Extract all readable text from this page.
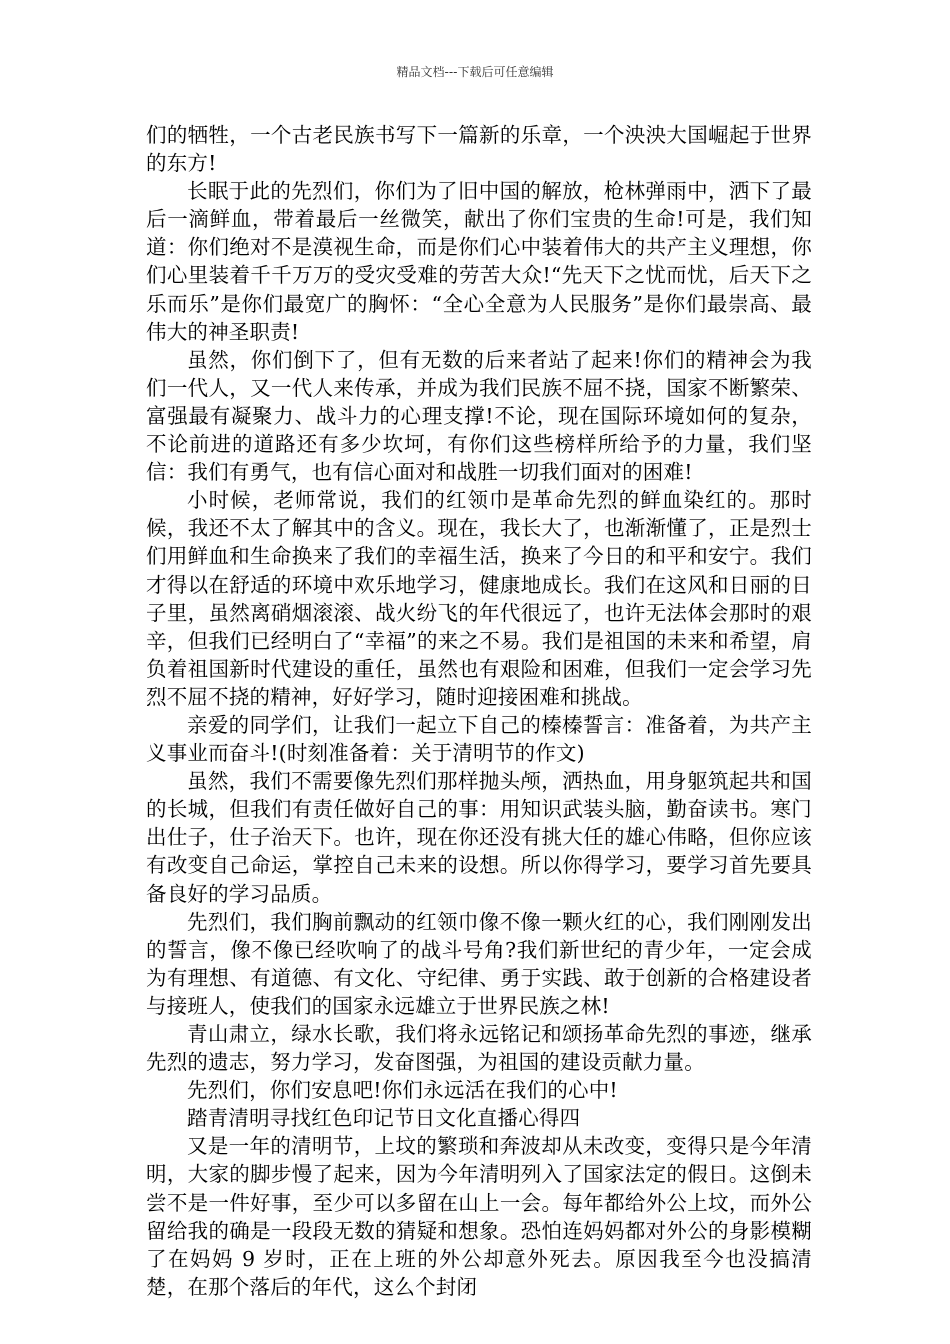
精品文档---下载后可任意编辑

们的牺牲，一个古老民族书写下一篇新的乐章，一个泱泱大国崛起于世界的东方!

长眠于此的先烈们，你们为了旧中国的解放，枪林弹雨中，洒下了最后一滴鲜血，带着最后一丝微笑，献出了你们宝贵的生命!可是，我们知道：你们绝对不是漠视生命，而是你们心中装着伟大的共产主义理想，你们心里装着千千万万的受灾受难的劳苦大众!“先天下之忧而忧，后天下之乐而乐”是你们最宽广的胸怀：“全心全意为人民服务”是你们最崇高、最伟大的神圣职责!

虽然，你们倒下了，但有无数的后来者站了起来!你们的精神会为我们一代人，又一代人来传承，并成为我们民族不屈不挠，国家不断繁荣、富强最有凝聚力、战斗力的心理支撑!不论，现在国际环境如何的复杂，不论前进的道路还有多少坎坷，有你们这些榜样所给予的力量，我们坚信：我们有勇气，也有信心面对和战胜一切我们面对的困难!

小时候，老师常说，我们的红领巾是革命先烈的鲜血染红的。那时候，我还不太了解其中的含义。现在，我长大了，也渐渐懂了，正是烈士们用鲜血和生命换来了我们的幸福生活，换来了今日的和平和安宁。我们才得以在舒适的环境中欢乐地学习，健康地成长。我们在这风和日丽的日子里，虽然离硝烟滚滚、战火纷飞的年代很远了，也许无法体会那时的艰辛，但我们已经明白了“幸福”的来之不易。我们是祖国的未来和希望，肩负着祖国新时代建设的重任，虽然也有艰险和困难，但我们一定会学习先烈不屈不挠的精神，好好学习，随时迎接困难和挑战。

亲爱的同学们，让我们一起立下自己的榛榛誓言：准备着，为共产主义事业而奋斗!(时刻准备着：关于清明节的作文)

虽然，我们不需要像先烈们那样抛头颅，洒热血，用身躯筑起共和国的长城，但我们有责任做好自己的事：用知识武装头脑，勤奋读书。寒门出仕子，仕子治天下。也许，现在你还没有挑大任的雄心伟略，但你应该有改变自己命运，掌控自己未来的设想。所以你得学习，要学习首先要具备良好的学习品质。

先烈们，我们胸前飘动的红领巾像不像一颗火红的心，我们刚刚发出的誓言，像不像已经吹响了的战斗号角?我们新世纪的青少年，一定会成为有理想、有道德、有文化、守纪律、勇于实践、敢于创新的合格建设者与接班人，使我们的国家永远雄立于世界民族之林!

青山肃立，绿水长歌，我们将永远铭记和颂扬革命先烈的事迹，继承先烈的遗志，努力学习，发奋图强，为祖国的建设贡献力量。

先烈们，你们安息吧!你们永远活在我们的心中!

踏青清明寻找红色印记节日文化直播心得四

又是一年的清明节，上坟的繁琐和奔波却从未改变，变得只是今年清明，大家的脚步慢了起来，因为今年清明列入了国家法定的假日。这倒未尝不是一件好事，至少可以多留在山上一会。每年都给外公上坟，而外公留给我的确是一段段无数的猜疑和想象。恐怕连妈妈都对外公的身影模糊了在妈妈 9 岁时，正在上班的外公却意外死去。原因我至今也没搞清楚，在那个落后的年代，这么个封闭
